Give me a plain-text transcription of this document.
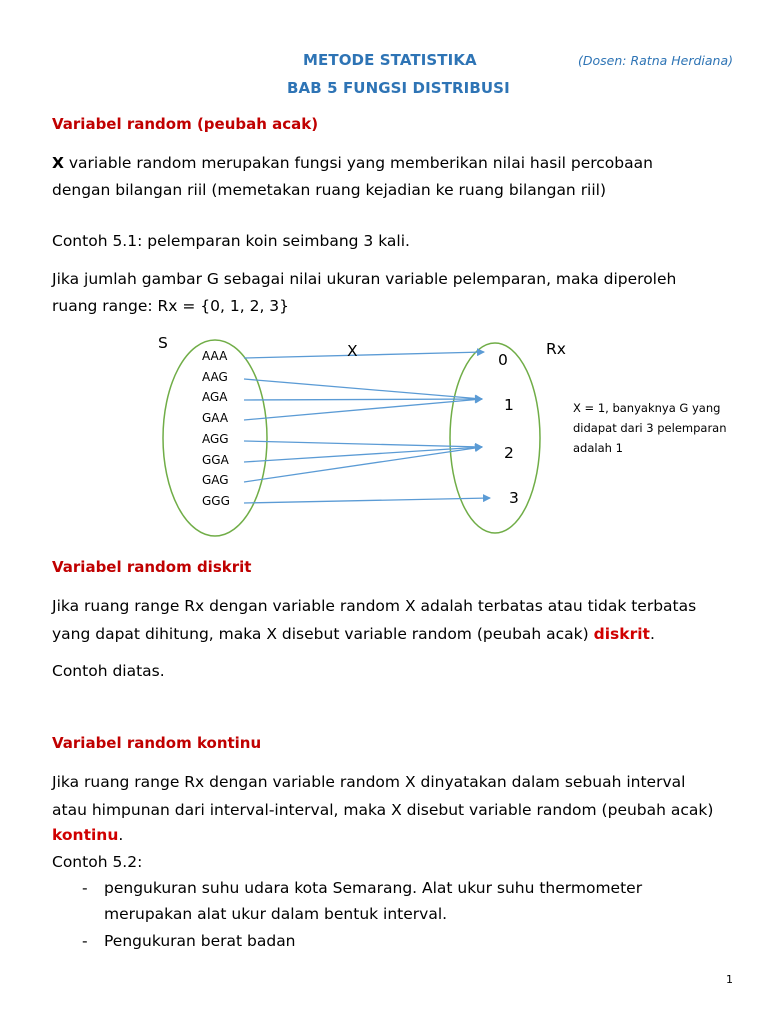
METODE STATISTIKA	(Dosen: Ratna Herdiana)
BAB 5 FUNGSI DISTRIBUSI
Variabel random (peubah acak)
X variable random merupakan fungsi yang memberikan nilai hasil percobaan
dengan bilangan riil (memetakan ruang kejadian ke ruang bilangan riil)
Contoh 5.1: pelemparan koin seimbang 3 kali.
Jika jumlah gambar G sebagai nilai ukuran variable pelemparan, maka diperoleh
ruang range: Rx = {0, 1, 2, 3}
S	X	Rx
AAA
AAG
AGA
GAA
AGG
GGA
GAG
GGG
0
1
2
3
X = 1, banyaknya G yang
didapat dari 3 pelemparan
adalah 1
Variabel random diskrit
Jika ruang range Rx dengan variable random X adalah terbatas atau tidak terbatas
yang dapat dihitung, maka X disebut variable random (peubah acak) diskrit.
Contoh diatas.
Variabel random kontinu
Jika ruang range Rx dengan variable random X dinyatakan dalam sebuah interval
atau himpunan dari interval-interval, maka X disebut variable random (peubah acak)
kontinu.
Contoh 5.2:
- pengukuran suhu udara kota Semarang. Alat ukur suhu thermometer
merupakan alat ukur dalam bentuk interval.
- Pengukuran berat badan
1
